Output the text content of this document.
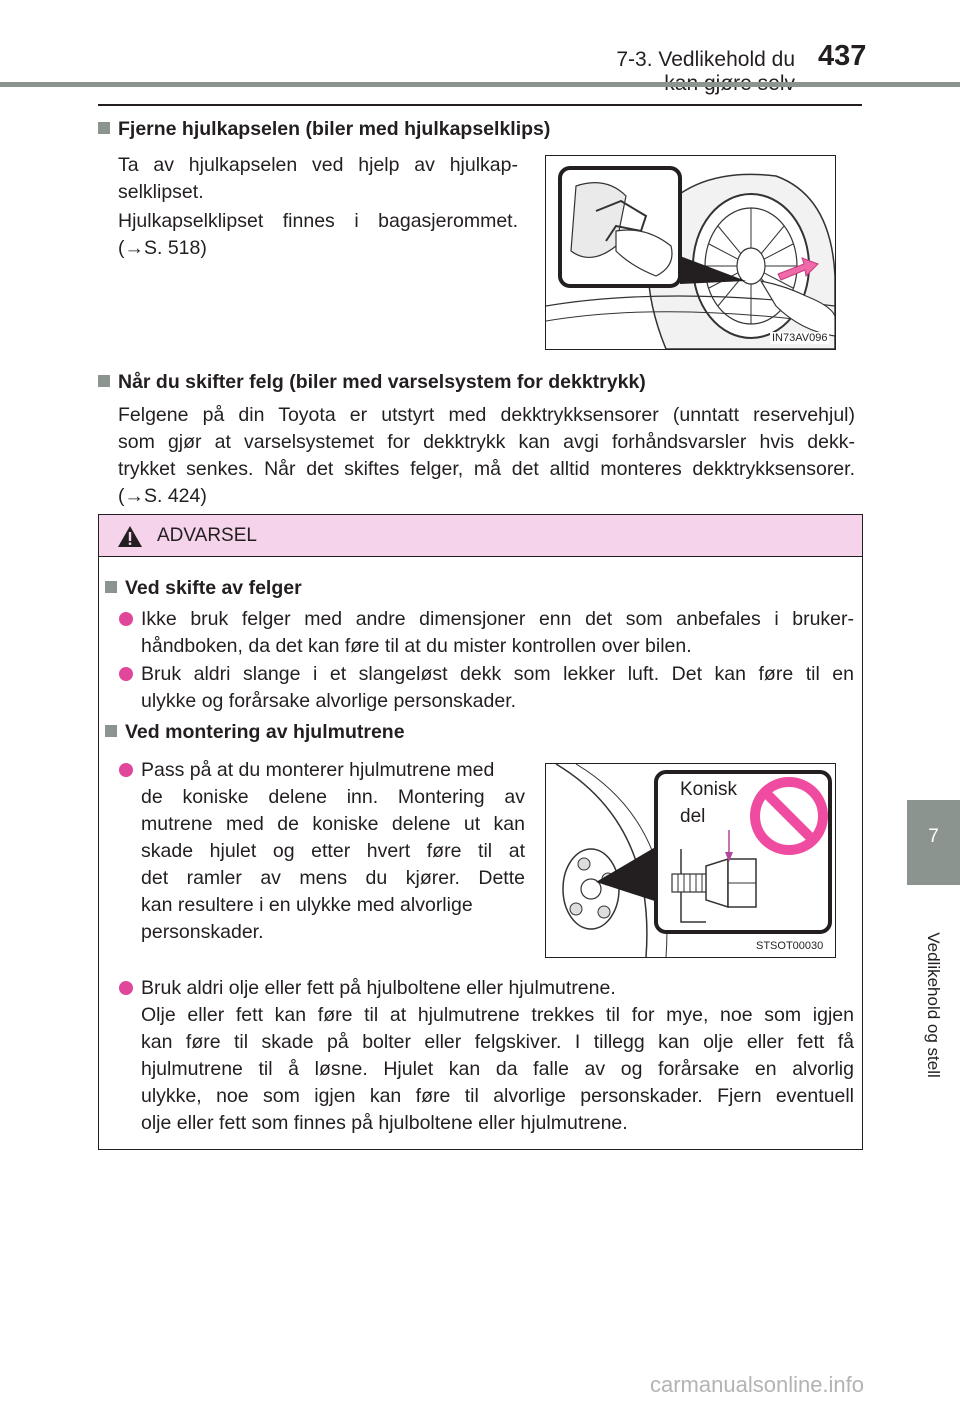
7-3. Vedlikehold du 437
7
Vedlikehold og stell
Fjerne hjulkapselen (biler med hjulkapselklips)
Ta av hjulkapselen ved hjelp av hjulkap-
selklipset.
Hjulkapselklipset finnes i bagasjerommet.
(→S. 518)
IN73AV096
Når du skifter felg (biler med varselsystem for dekktrykk)
Felgene på din Toyota er utstyrt med dekktrykksensorer (unntatt reservehjul)
som gjør at varselsystemet for dekktrykk kan avgi forhåndsvarsler hvis dekk-
trykket senkes. Når det skiftes felger, må det alltid monteres dekktrykksensorer.
(→S. 424)
ADVARSEL
Ved skifte av felger
Ikke bruk felger med andre dimensjoner enn det som anbefales i bruker-
håndboken, da det kan føre til at du mister kontrollen over bilen.
Bruk aldri slange i et slangeløst dekk som lekker luft. Det kan føre til en
ulykke og forårsake alvorlige personskader.
Ved montering av hjulmutrene
Pass på at du monterer hjulmutrene med
de koniske delene inn. Montering av
mutrene med de koniske delene ut kan
skade hjulet og etter hvert føre til at
det ramler av mens du kjører. Dette
kan resultere i en ulykke med alvorlige
personskader.
Konisk
del
STSOT00030
Bruk aldri olje eller fett på hjulboltene eller hjulmutrene.
Olje eller fett kan føre til at hjulmutrene trekkes til for mye, noe som igjen
kan føre til skade på bolter eller felgskiver. I tillegg kan olje eller fett få
hjulmutrene til å løsne. Hjulet kan da falle av og forårsake en alvorlig
ulykke, noe som igjen kan føre til alvorlige personskader. Fjern eventuell
olje eller fett som finnes på hjulboltene eller hjulmutrene.
carmanualsonline.info
